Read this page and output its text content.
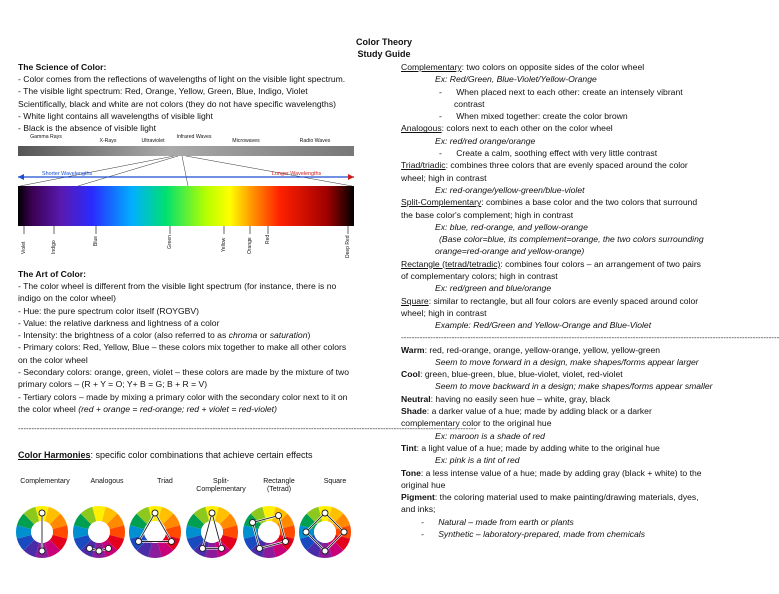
Color Theory
Study Guide
The Science of Color:
- Color comes from the reflections of wavelengths of light on the visible light spectrum.
- The visible light spectrum: Red, Orange, Yellow, Green, Blue, Indigo, Violet
Scientifically, black and white are not colors (they do not have specific wavelengths)
- White light contains all wavelengths of visible light
- Black is the absence of visible light
Gamma Rays
X-Rays	Ultraviolet
Infrared Waves
Microwaves	Radio Waves
Shorter Wavelengths	Longer Wavelengths
Violet	Indigo	Blue	Green	Yellow	Orange Red	Deep Red
The Art of Color:
- The color wheel is different from the visible light spectrum (for instance, there is no
indigo on the color wheel)
- Hue: the pure spectrum color itself (ROYGBV)
- Value: the relative darkness and lightness of a color
- Intensity: the brightness of a color (also referred to as chroma or saturation)
- Primary colors: Red, Yellow, Blue – these colors mix together to make all other colors
on the color wheel
- Secondary colors: orange, green, violet – these colors are made by the mixture of two
primary colors – (R + Y = O; Y+ B = G; B + R = V)
- Tertiary colors – made by mixing a primary color with the secondary color next to it on
the color wheel (red + orange = red-orange; red + violet = red-violet)
----------------------------------------------------------------------------------------------------------------------------------------------------------------------------
Color Harmonies: specific color combinations that achieve certain effects
Complementary	Analogous	Triad	Split-
Complementary
Rectangle
(Tetrad)
Square
Complementary: two colors on opposite sides of the color wheel
Ex: Red/Green, Blue-Violet/Yellow-Orange
-      When placed next to each other: create an intensely vibrant
contrast
-      When mixed together: create the color brown
Analogous: colors next to each other on the color wheel
Ex: red/red orange/orange
-      Create a calm, soothing effect with very little contrast
Triad/triadic: combines three colors that are evenly spaced around the color
wheel; high in contrast
Ex: red-orange/yellow-green/blue-violet
Split-Complementary: combines a base color and the two colors that surround
the base color's complement; high in contrast
Ex: blue, red-orange, and yellow-orange
(Base color=blue, its complement=orange, the two colors surrounding
orange=red-orange and yellow-orange)
Rectangle (tetrad/tetradic): combines four colors – an arrangement of two pairs
of complementary colors; high in contrast
Ex: red/green and blue/orange
Square: similar to rectangle, but all four colors are evenly spaced around color
wheel; high in contrast
Example: Red/Green and Yellow-Orange and Blue-Violet
----------------------------------------------------------------------------------------------------------------------------------------------
Warm: red, red-orange, orange, yellow-orange, yellow, yellow-green
Seem to move forward in a design, make shapes/forms appear larger
Cool: green, blue-green, blue, blue-violet, violet, red-violet
Seem to move backward in a design; make shapes/forms appear smaller
Neutral: having no easily seen hue – white, gray, black
Shade: a darker value of a hue; made by adding black or a darker
complementary color to the original hue
Ex: maroon is a shade of red
Tint: a light value of a hue; made by adding white to the original hue
Ex: pink is a tint of red
Tone: a less intense value of a hue; made by adding gray (black + white) to the
original hue
Pigment: the coloring material used to make painting/drawing materials, dyes,
and inks;
-      Natural – made from earth or plants
-      Synthetic – laboratory-prepared, made from chemicals
